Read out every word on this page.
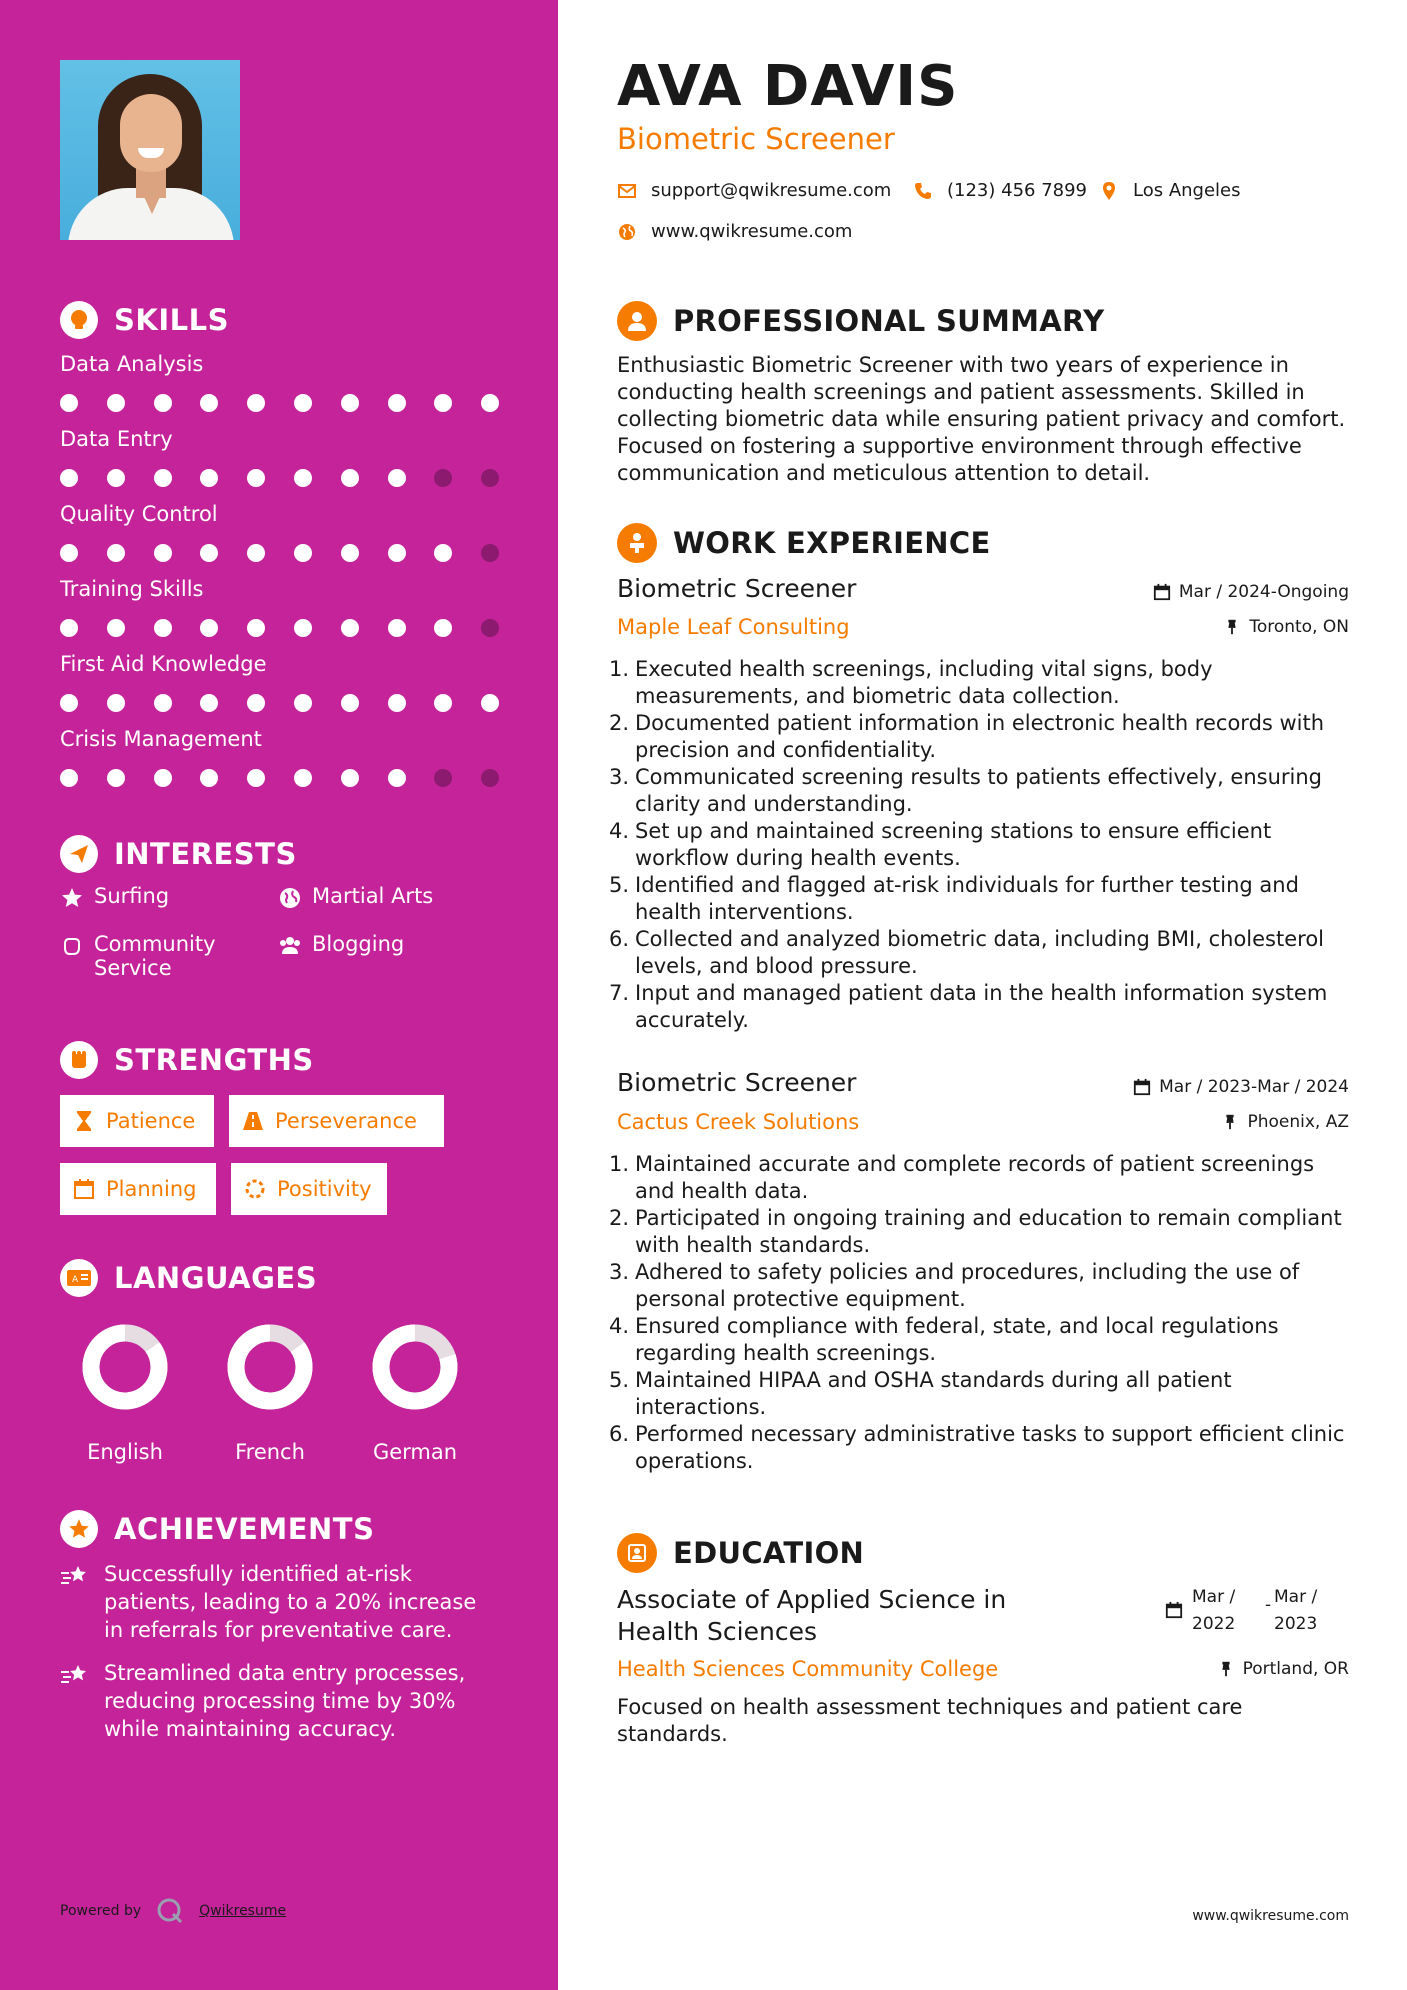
SKILLS
Data Analysis
Data Entry
Quality Control
Training Skills
First Aid Knowledge
Crisis Management
INTERESTS
Surfing	Martial Arts
Community Service
Blogging
STRENGTHS
Patience	Perseverance
Planning	Positivity
A LANGUAGES
English	French	German
ACHIEVEMENTS
Successfully identified at-risk patients, leading to a 20% increase in referrals for preventative care.
Streamlined data entry processes, reducing processing time by 30% while maintaining accuracy.
Powered by	Qwikresume
AVA DAVIS
Biometric Screener
support@qwikresume.com	(123) 456 7899	Los Angeles
www.qwikresume.com
PROFESSIONAL SUMMARY
Enthusiastic Biometric Screener with two years of experience in conducting health screenings and patient assessments. Skilled in collecting biometric data while ensuring patient privacy and comfort. Focused on fostering a supportive environment through effective communication and meticulous attention to detail.
WORK EXPERIENCE
Biometric Screener	Mar / 2024-Ongoing
Maple Leaf Consulting	Toronto, ON
1. Executed health screenings, including vital signs, body measurements, and biometric data collection.
2. Documented patient information in electronic health records with precision and confidentiality.
3. Communicated screening results to patients effectively, ensuring clarity and understanding.
4. Set up and maintained screening stations to ensure efficient workflow during health events.
5. Identified and flagged at-risk individuals for further testing and health interventions.
6. Collected and analyzed biometric data, including BMI, cholesterol levels, and blood pressure.
7. Input and managed patient data in the health information system accurately.
Biometric Screener	Mar / 2023-Mar / 2024
Cactus Creek Solutions	Phoenix, AZ
1. Maintained accurate and complete records of patient screenings and health data.
2. Participated in ongoing training and education to remain compliant with health standards.
3. Adhered to safety policies and procedures, including the use of personal protective equipment.
4. Ensured compliance with federal, state, and local regulations regarding health screenings.
5. Maintained HIPAA and OSHA standards during all patient interactions.
6. Performed necessary administrative tasks to support efficient clinic operations.
EDUCATION
Associate of Applied Science in Health Sciences
Mar /
2022
- Mar /
2023
Health Sciences Community College	Portland, OR
Focused on health assessment techniques and patient care standards.
www.qwikresume.com
